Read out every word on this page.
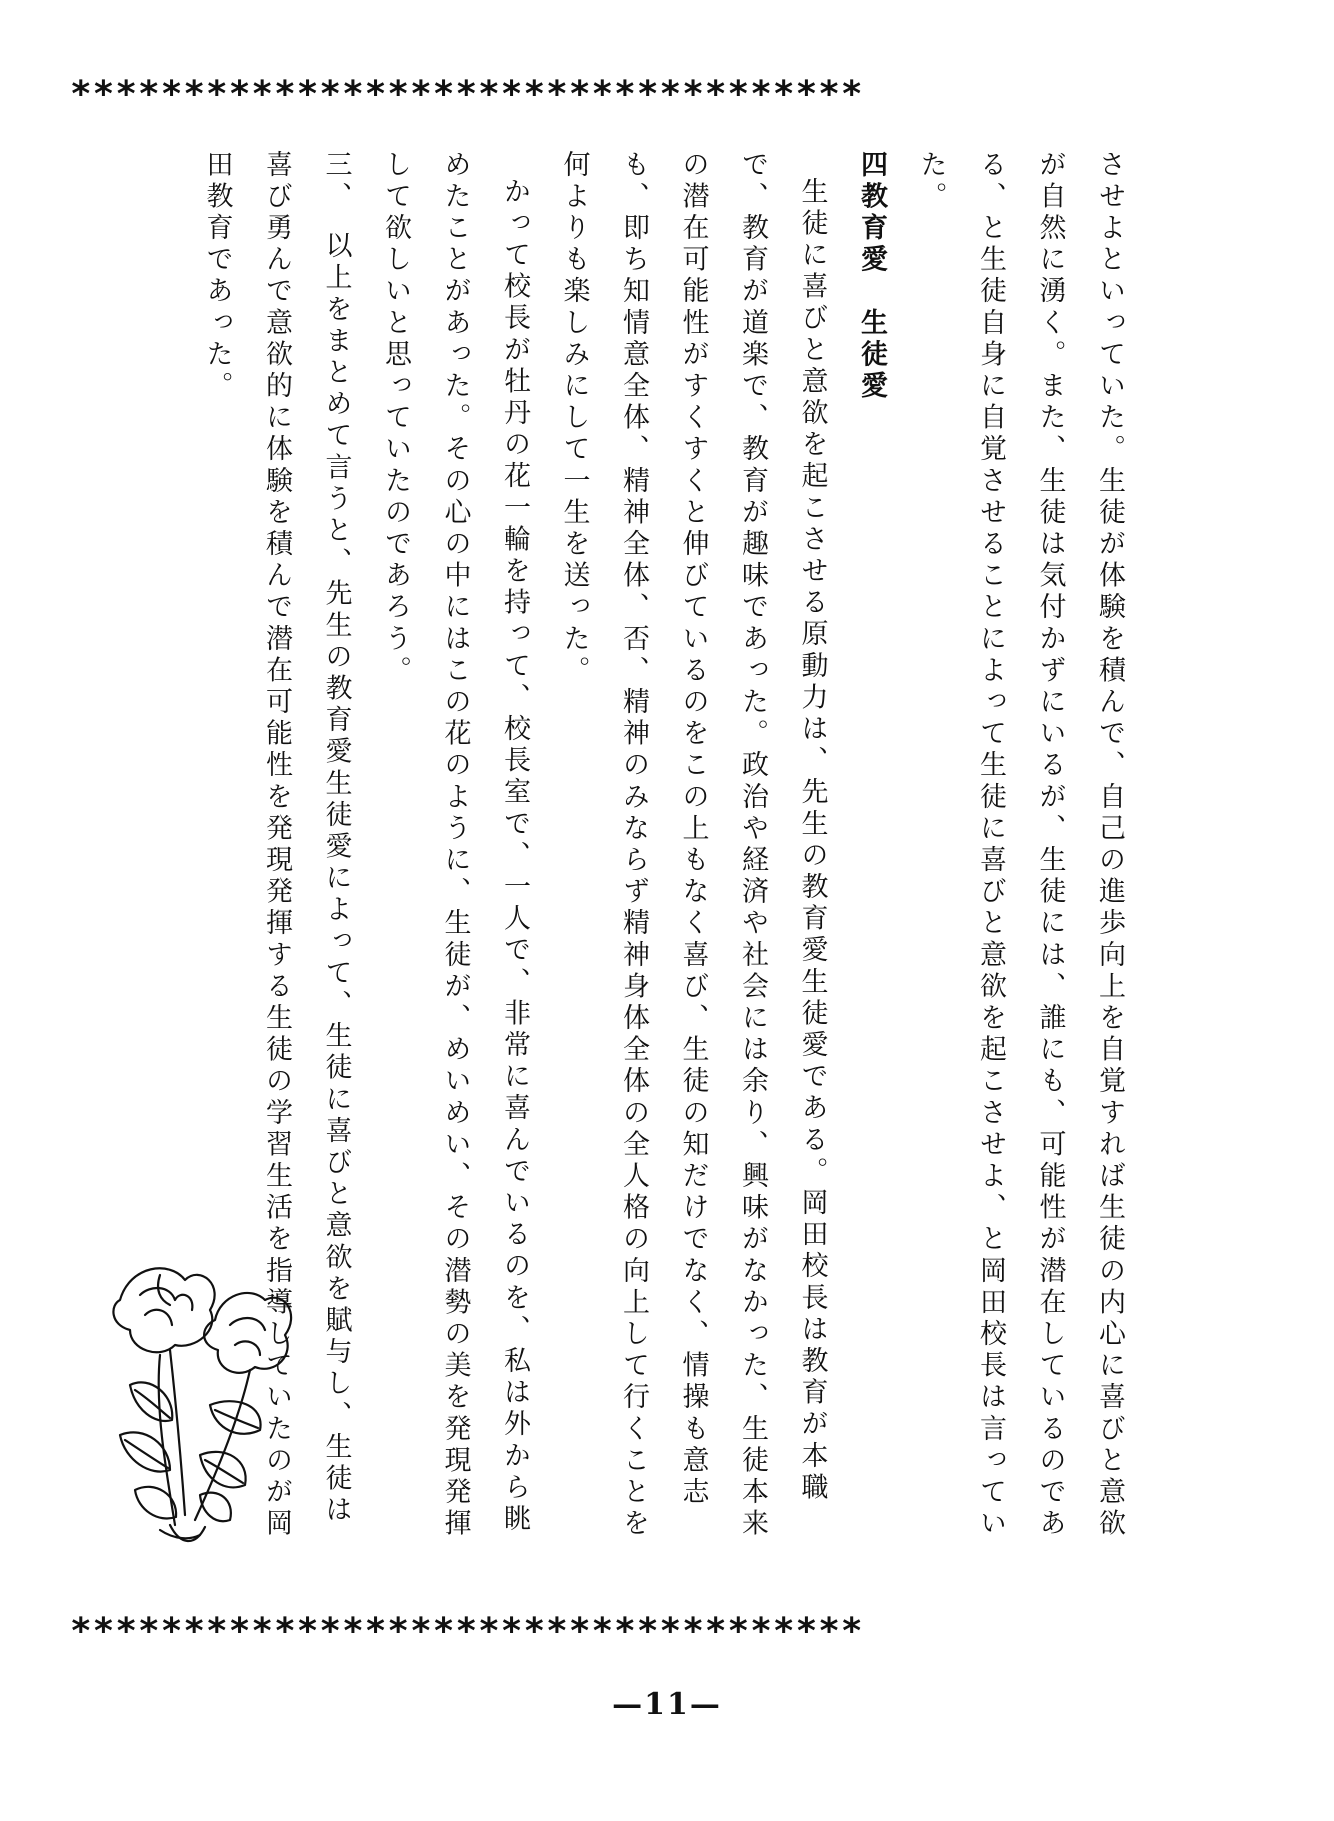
***********************************

させよといっていた。生徒が体験を積んで、自己の進歩向上を自覚すれば生徒の内心に喜びと意欲が自然に湧く。また、生徒は気付かずにいるが、生徒には、誰にも、可能性が潜在しているのである、と生徒自身に自覚させることによって生徒に喜びと意欲を起こさせよ、と岡田校長は言っていた。

四教育愛　生徒愛

生徒に喜びと意欲を起こさせる原動力は、先生の教育愛生徒愛である。岡田校長は教育が本職で、教育が道楽で、教育が趣味であった。政治や経済や社会には余り、興味がなかった、生徒本来の潜在可能性がすくすくと伸びているのをこの上もなく喜び、生徒の知だけでなく、情操も意志も、即ち知情意全体、精神全体、否、精神のみならず精神身体全体の全人格の向上して行くことを何よりも楽しみにして一生を送った。

かって校長が牡丹の花一輪を持って、校長室で、一人で、非常に喜んでいるのを、私は外から眺めたことがあった。その心の中にはこの花のように、生徒が、めいめい、その潜勢の美を発現発揮して欲しいと思っていたのであろう。

三、　以上をまとめて言うと、先生の教育愛生徒愛によって、生徒に喜びと意欲を賦与し、生徒は喜び勇んで意欲的に体験を積んで潜在可能性を発現発揮する生徒の学習生活を指導していたのが岡田教育であった。

***********************************
—11—
